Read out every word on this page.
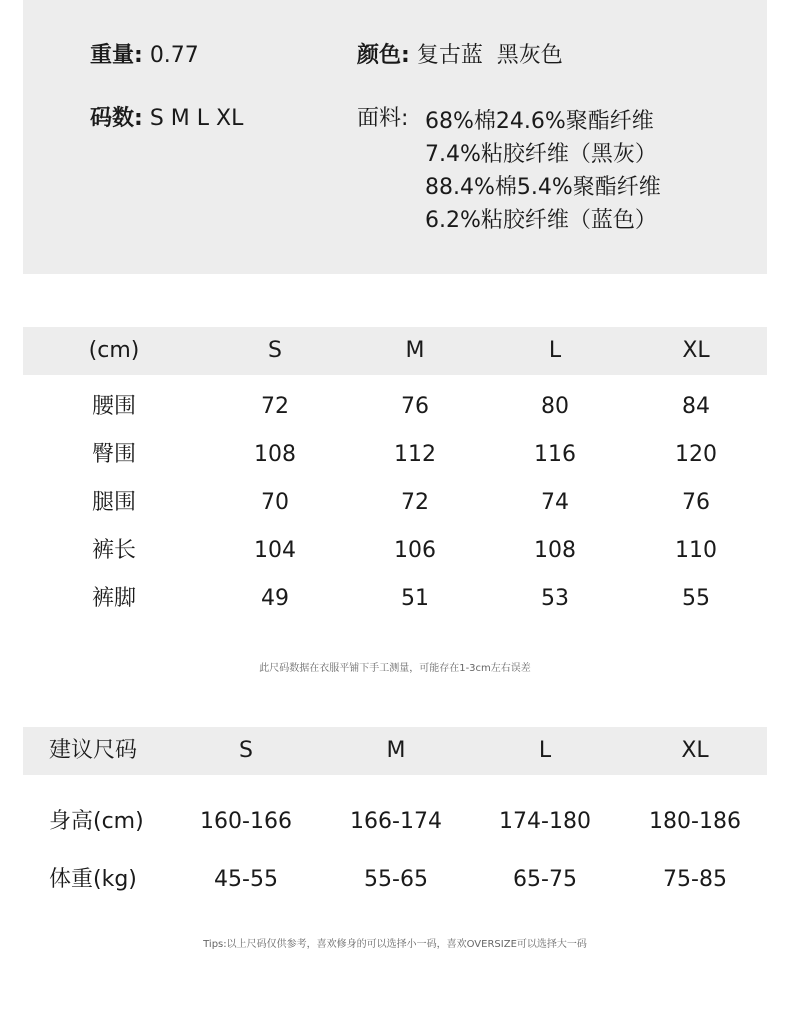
重量: 0.77	颜色: 复古蓝  黑灰色
码数: S M L XL	面料: 68%棉24.6%聚酯纤维
7.4%粘胶纤维（黑灰）
88.4%棉5.4%聚酯纤维
6.2%粘胶纤维（蓝色）
(cm)	S	M	L	XL
腰围	72	76	80	84
臀围	108	112	116	120
腿围	70	72	74	76
裤长	104	106	108	110
裤脚	49	51	53	55
此尺码数据在衣服平铺下手工测量，可能存在1-3cm左右误差
建议尺码	S	M	L	XL
身高(cm)	160-166	166-174	174-180	180-186
体重(kg)	45-55	55-65	65-75	75-85
Tips:以上尺码仅供参考，喜欢修身的可以选择小一码，喜欢OVERSIZE可以选择大一码
